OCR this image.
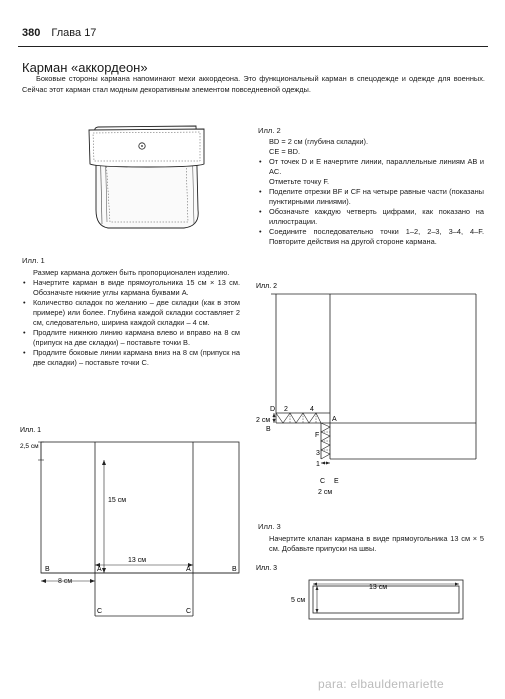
380 Глава 17
Карман «аккордеон»
Боковые стороны кармана напоминают мехи аккордеона. Это функциональный карман в спецодежде и одежде для военных. Сейчас этот карман стал модным декоративным элементом повседневной одежды.
Илл. 1

Размер кармана должен быть пропорционален изделию.

• Начертите карман в виде прямоугольника 15 см × 13 см. Обозначьте нижние углы кармана буквами А.
• Количество складок по желанию – две складки (как в этом примере) или более. Глубина каждой складки составляет 2 см, следовательно, ширина каждой складки – 4 см.
• Продлите нижнюю линию кармана влево и вправо на 8 см (припуск на две складки) – поставьте точки В.
• Продлите боковые линии кармана вниз на 8 см (припуск на две складки) – поставьте точки С.
Илл. 2

BD = 2 см (глубина складки).

CE = BD.

• От точек D и E начертите линии, параллельные линиям AB и AC.

Отметьте точку F.

• Поделите отрезки BF и CF на четыре равные части (показаны пунктирными линиями).
• Обозначьте каждую четверть цифрами, как показано на иллюстрации.
• Соедините последовательно точки 1–2, 2–3, 3–4, 4–F. Повторите действия на другой стороне кармана.
Илл. 1
2,5 см
15 см
13 см
8 см
B	A	A	B
C	C
Илл. 2
2 см
2 см
D 2	4
A
B
F
3
1
C E
Илл. 3

Начертите клапан кармана в виде прямоугольника 13 см × 5 см. Добавьте припуски на швы.

Илл. 3
13 см
5 см
para: elbauldemariette
